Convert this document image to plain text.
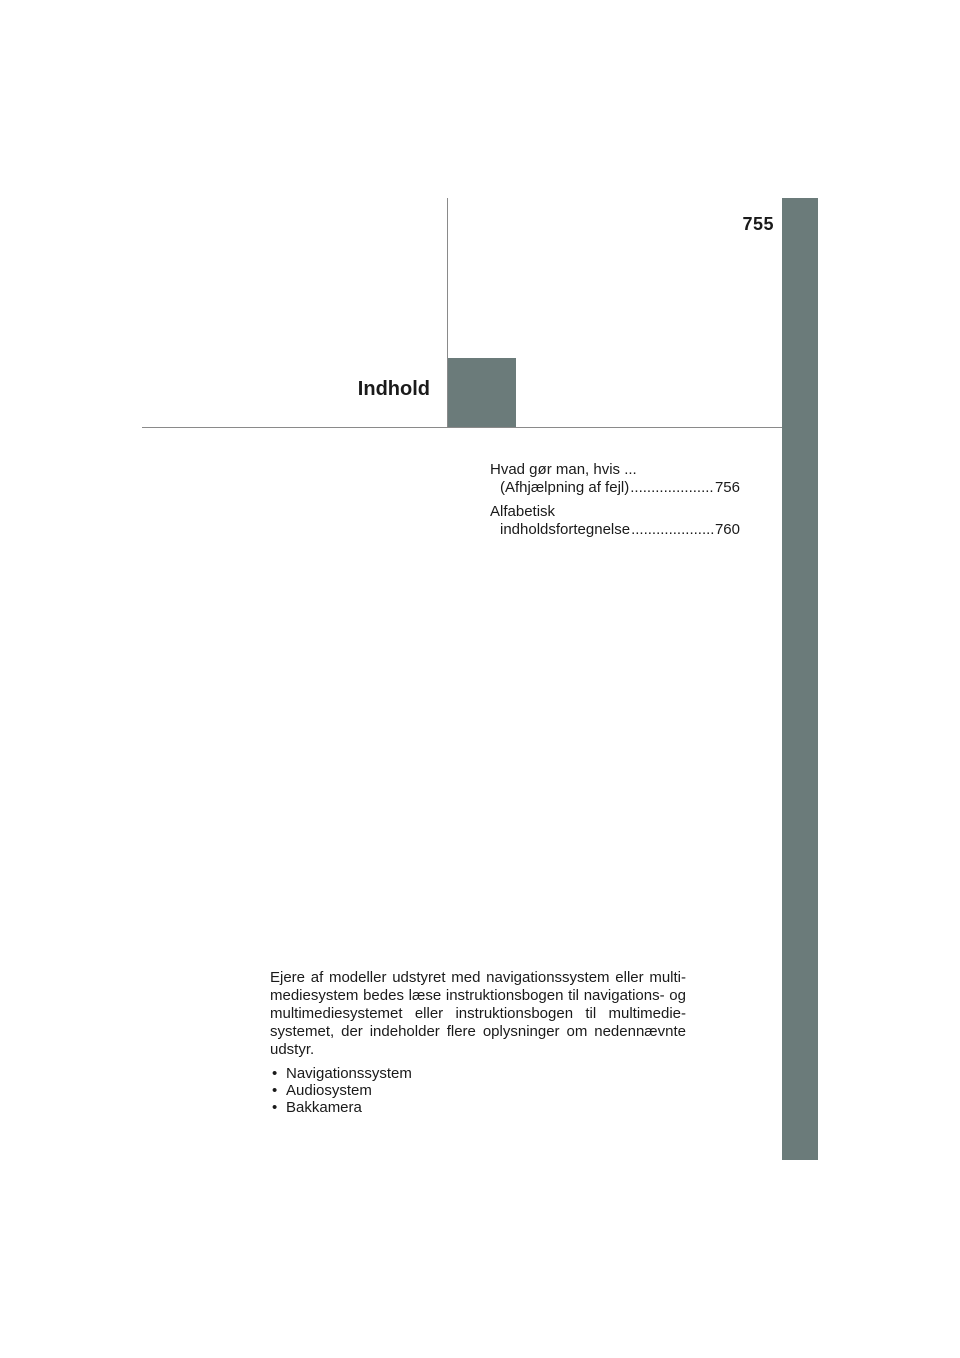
755
Indhold
Hvad gør man, hvis ...
(Afhjælpning af fejl) .....	756
Alfabetisk
indholdsfortegnelse .....	760

Ejere af modeller udstyret med navigationssystem eller multi-mediesystem bedes læse instruktionsbogen til navigations- og multimediesystemet eller instruktionsbogen til multimedie-systemet, der indeholder flere oplysninger om nedennævnte udstyr.

• Navigationssystem
• Audiosystem
• Bakkamera
